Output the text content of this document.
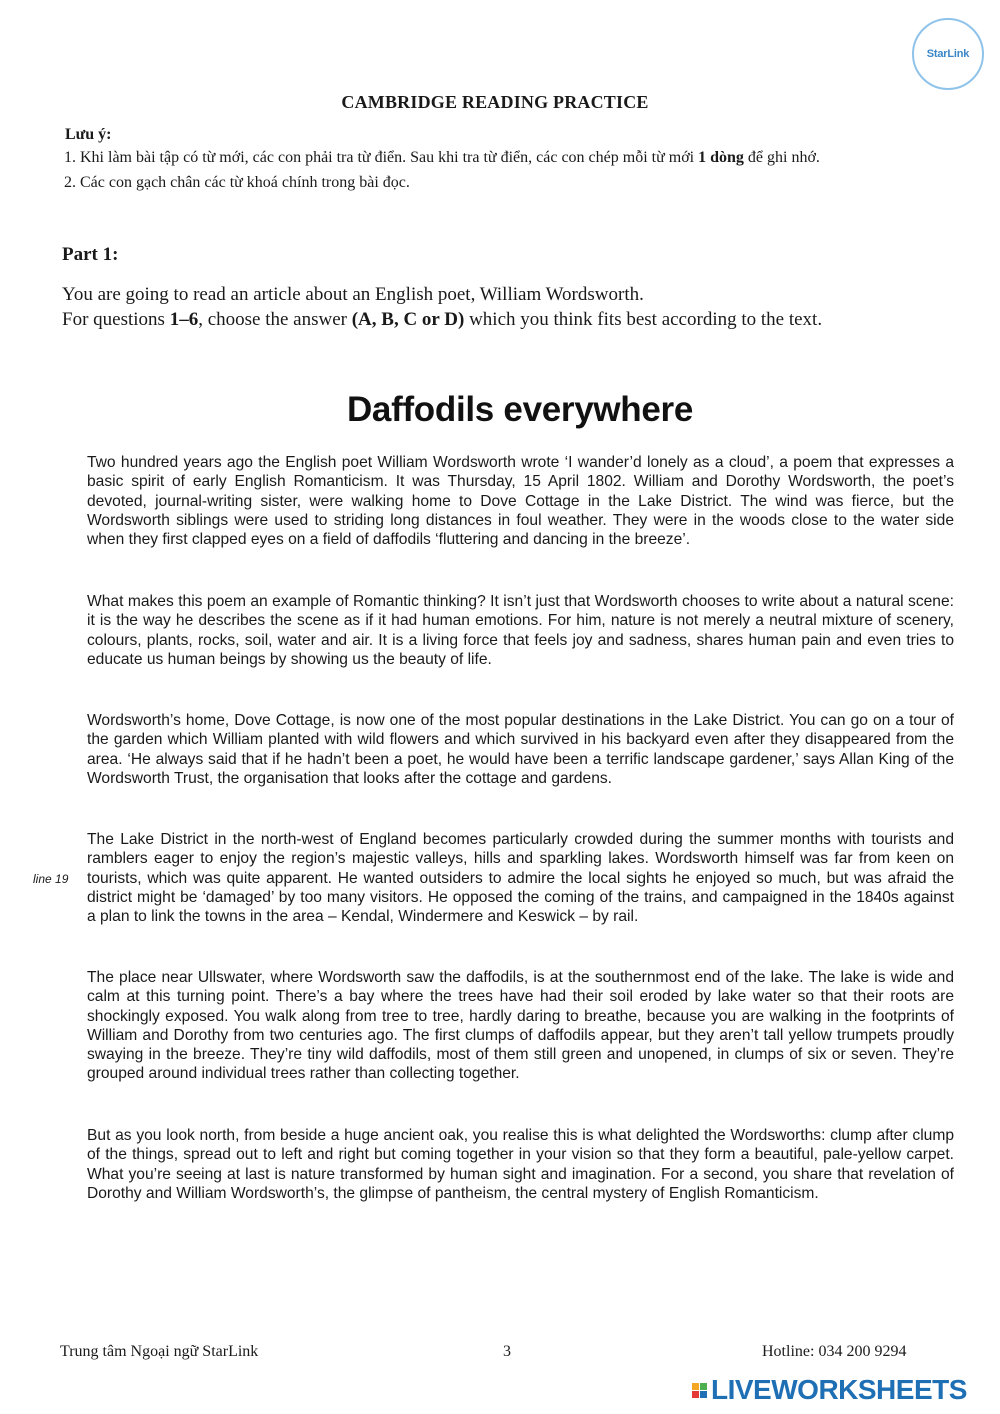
StarLink
CAMBRIDGE READING PRACTICE
Lưu ý:
1. Khi làm bài tập có từ mới, các con phải tra từ điển. Sau khi tra từ điển, các con chép mỗi từ mới 1 dòng để ghi nhớ.
2. Các con gạch chân các từ khoá chính trong bài đọc.
Part 1:
You are going to read an article about an English poet, William Wordsworth.
For questions 1–6, choose the answer (A, B, C or D) which you think fits best according to the text.
Daffodils everywhere
Two hundred years ago the English poet William Wordsworth wrote ‘I wander’d lonely as a cloud’, a poem that expresses a basic spirit of early English Romanticism. It was Thursday, 15 April 1802. William and Dorothy Wordsworth, the poet’s devoted, journal-writing sister, were walking home to Dove Cottage in the Lake District. The wind was fierce, but the Wordsworth siblings were used to striding long distances in foul weather. They were in the woods close to the water side when they first clapped eyes on a field of daffodils ‘fluttering and dancing in the breeze’.
What makes this poem an example of Romantic thinking? It isn’t just that Wordsworth chooses to write about a natural scene: it is the way he describes the scene as if it had human emotions. For him, nature is not merely a neutral mixture of scenery, colours, plants, rocks, soil, water and air. It is a living force that feels joy and sadness, shares human pain and even tries to educate us human beings by showing us the beauty of life.
Wordsworth’s home, Dove Cottage, is now one of the most popular destinations in the Lake District. You can go on a tour of the garden which William planted with wild flowers and which survived in his backyard even after they disappeared from the area. ‘He always said that if he hadn’t been a poet, he would have been a terrific landscape gardener,’ says Allan King of the Wordsworth Trust, the organisation that looks after the cottage and gardens.
The Lake District in the north-west of England becomes particularly crowded during the summer months with tourists and ramblers eager to enjoy the region’s majestic valleys, hills and sparkling lakes. Wordsworth himself was far from keen on tourists, which was quite apparent. He wanted outsiders to admire the local sights he enjoyed so much, but was afraid the district might be ‘damaged’ by too many visitors. He opposed the coming of the trains, and campaigned in the 1840s against a plan to link the towns in the area – Kendal, Windermere and Keswick – by rail.
line 19
The place near Ullswater, where Wordsworth saw the daffodils, is at the southernmost end of the lake. The lake is wide and calm at this turning point. There’s a bay where the trees have had their soil eroded by lake water so that their roots are shockingly exposed. You walk along from tree to tree, hardly daring to breathe, because you are walking in the footprints of William and Dorothy from two centuries ago. The first clumps of daffodils appear, but they aren’t tall yellow trumpets proudly swaying in the breeze. They’re tiny wild daffodils, most of them still green and unopened, in clumps of six or seven. They’re grouped around individual trees rather than collecting together.
But as you look north, from beside a huge ancient oak, you realise this is what delighted the Wordsworths: clump after clump of the things, spread out to left and right but coming together in your vision so that they form a beautiful, pale-yellow carpet. What you’re seeing at last is nature transformed by human sight and imagination. For a second, you share that revelation of Dorothy and William Wordsworth’s, the glimpse of pantheism, the central mystery of English Romanticism.
Trung tâm Ngoại ngữ StarLink	3	Hotline: 034 200 9294
LIVEWORKSHEETS
